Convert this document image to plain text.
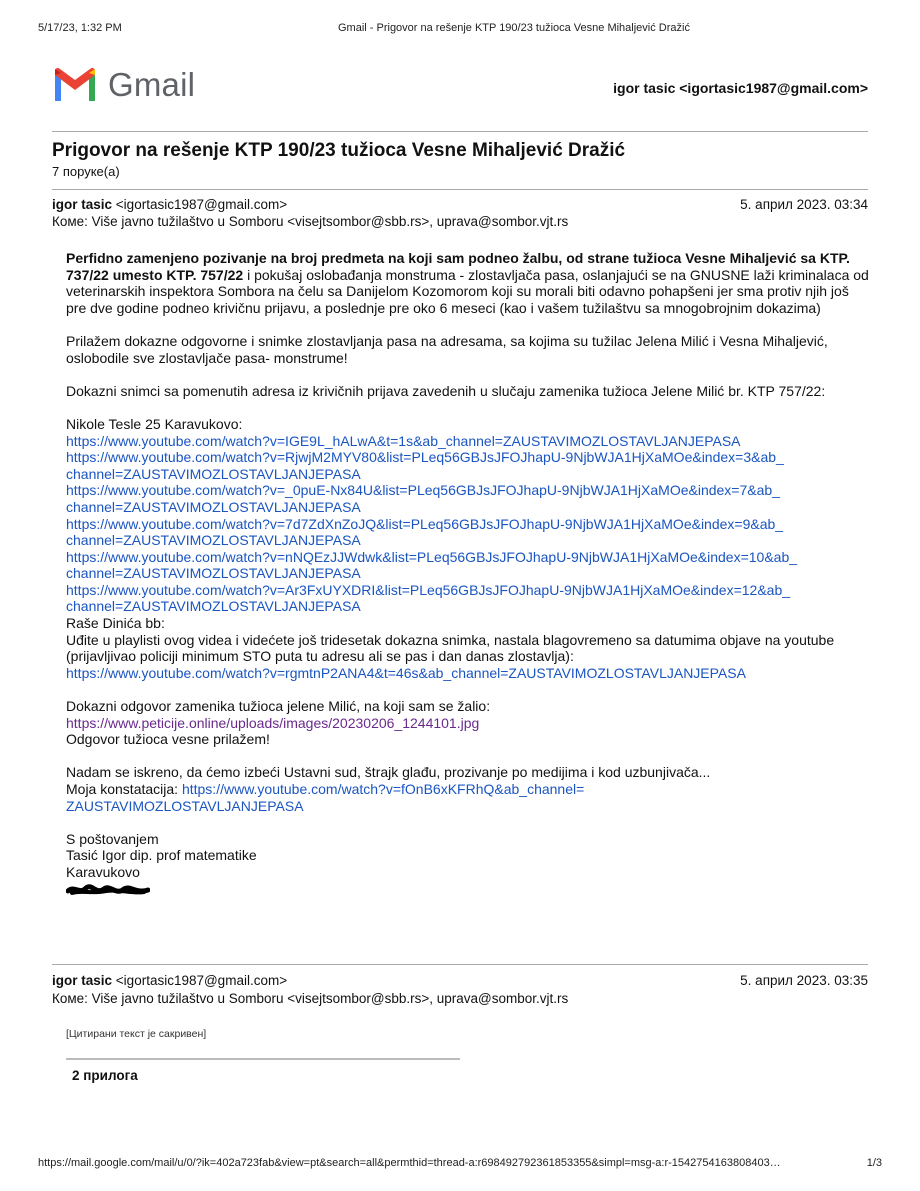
5/17/23, 1:32 PM	Gmail - Prigovor na rešenje KTP 190/23 tužioca Vesne Mihaljević Dražić
Gmail	igor tasic <igortasic1987@gmail.com>
Prigovor na rešenje KTP 190/23 tužioca Vesne Mihaljević Dražić
7 поруке(а)
igor tasic <igortasic1987@gmail.com>	5. април 2023. 03:34
Коме: Više javno tužilaštvo u Somboru <visejtsombor@sbb.rs>, uprava@sombor.vjt.rs

Perfidno zamenjeno pozivanje na broj predmeta na koji sam podneo žalbu, od strane tužioca Vesne Mihaljević sa KTP. 737/22 umesto KTP. 757/22 i pokušaj oslobađanja monstruma - zlostavljača pasa, oslanjajući se na GNUSNE laži kriminalaca od veterinarskih inspektora Sombora na čelu sa Danijelom Kozomorom koji su morali biti odavno pohapšeni jer sma protiv njih još pre dve godine podneo krivičnu prijavu, a poslednje pre oko 6 meseci (kao i vašem tužilaštvu sa mnogobrojnim dokazima)

Prilažem dokazne odgovorne i snimke zlostavljanja pasa na adresama, sa kojima su tužilac Jelena Milić i Vesna Mihaljević, oslobodile sve zlostavljače pasa- monstrume!

Dokazni snimci sa pomenutih adresa iz krivičnih prijava zavedenih u slučaju zamenika tužioca Jelene Milić br. KTP 757/22:

Nikole Tesle 25 Karavukovo:
https://www.youtube.com/watch?v=IGE9L_hALwA&t=1s&ab_channel=ZAUSTAVIMOZLOSTAVLJANJEPASA
https://www.youtube.com/watch?v=RjwjM2MYV80&list=PLeq56GBJsJFOJhapU-9NjbWJA1HjXaMOe&index=3&ab_
channel=ZAUSTAVIMOZLOSTAVLJANJEPASA
https://www.youtube.com/watch?v=_0puE-Nx84U&list=PLeq56GBJsJFOJhapU-9NjbWJA1HjXaMOe&index=7&ab_
channel=ZAUSTAVIMOZLOSTAVLJANJEPASA
https://www.youtube.com/watch?v=7d7ZdXnZoJQ&list=PLeq56GBJsJFOJhapU-9NjbWJA1HjXaMOe&index=9&ab_
channel=ZAUSTAVIMOZLOSTAVLJANJEPASA
https://www.youtube.com/watch?v=nNQEzJJWdwk&list=PLeq56GBJsJFOJhapU-9NjbWJA1HjXaMOe&index=10&ab_
channel=ZAUSTAVIMOZLOSTAVLJANJEPASA
https://www.youtube.com/watch?v=Ar3FxUYXDRI&list=PLeq56GBJsJFOJhapU-9NjbWJA1HjXaMOe&index=12&ab_
channel=ZAUSTAVIMOZLOSTAVLJANJEPASA
Raše Dinića bb:
Uđite u playlisti ovog videa i videćete još tridesetak dokazna snimka, nastala blagovremeno sa datumima objave na youtube (prijavljivao policiji minimum STO puta tu adresu ali se pas i dan danas zlostavlja):
https://www.youtube.com/watch?v=rgmtnP2ANA4&t=46s&ab_channel=ZAUSTAVIMOZLOSTAVLJANJEPASA

Dokazni odgovor zamenika tužioca jelene Milić, na koji sam se žalio:
https://www.peticije.online/uploads/images/20230206_1244101.jpg
Odgovor tužioca vesne prilažem!

Nadam se iskreno, da ćemo izbeći Ustavni sud, štrajk glađu, prozivanje po medijima i kod uzbunjivača...
Moja konstatacija: https://www.youtube.com/watch?v=fOnB6xKFRhQ&ab_channel=
ZAUSTAVIMOZLOSTAVLJANJEPASA

S poštovanjem
Tasić Igor dip. prof matematike
Karavukovo
igor tasic <igortasic1987@gmail.com>	5. април 2023. 03:35
Коме: Više javno tužilaštvo u Somboru <visejtsombor@sbb.rs>, uprava@sombor.vjt.rs
[Цитирани текст је сакривен]
2 прилога
https://mail.google.com/mail/u/0/?ik=402a723fab&view=pt&search=all&permthid=thread-a:r698492792361853355&simpl=msg-a:r-1542754163808403…	1/3
